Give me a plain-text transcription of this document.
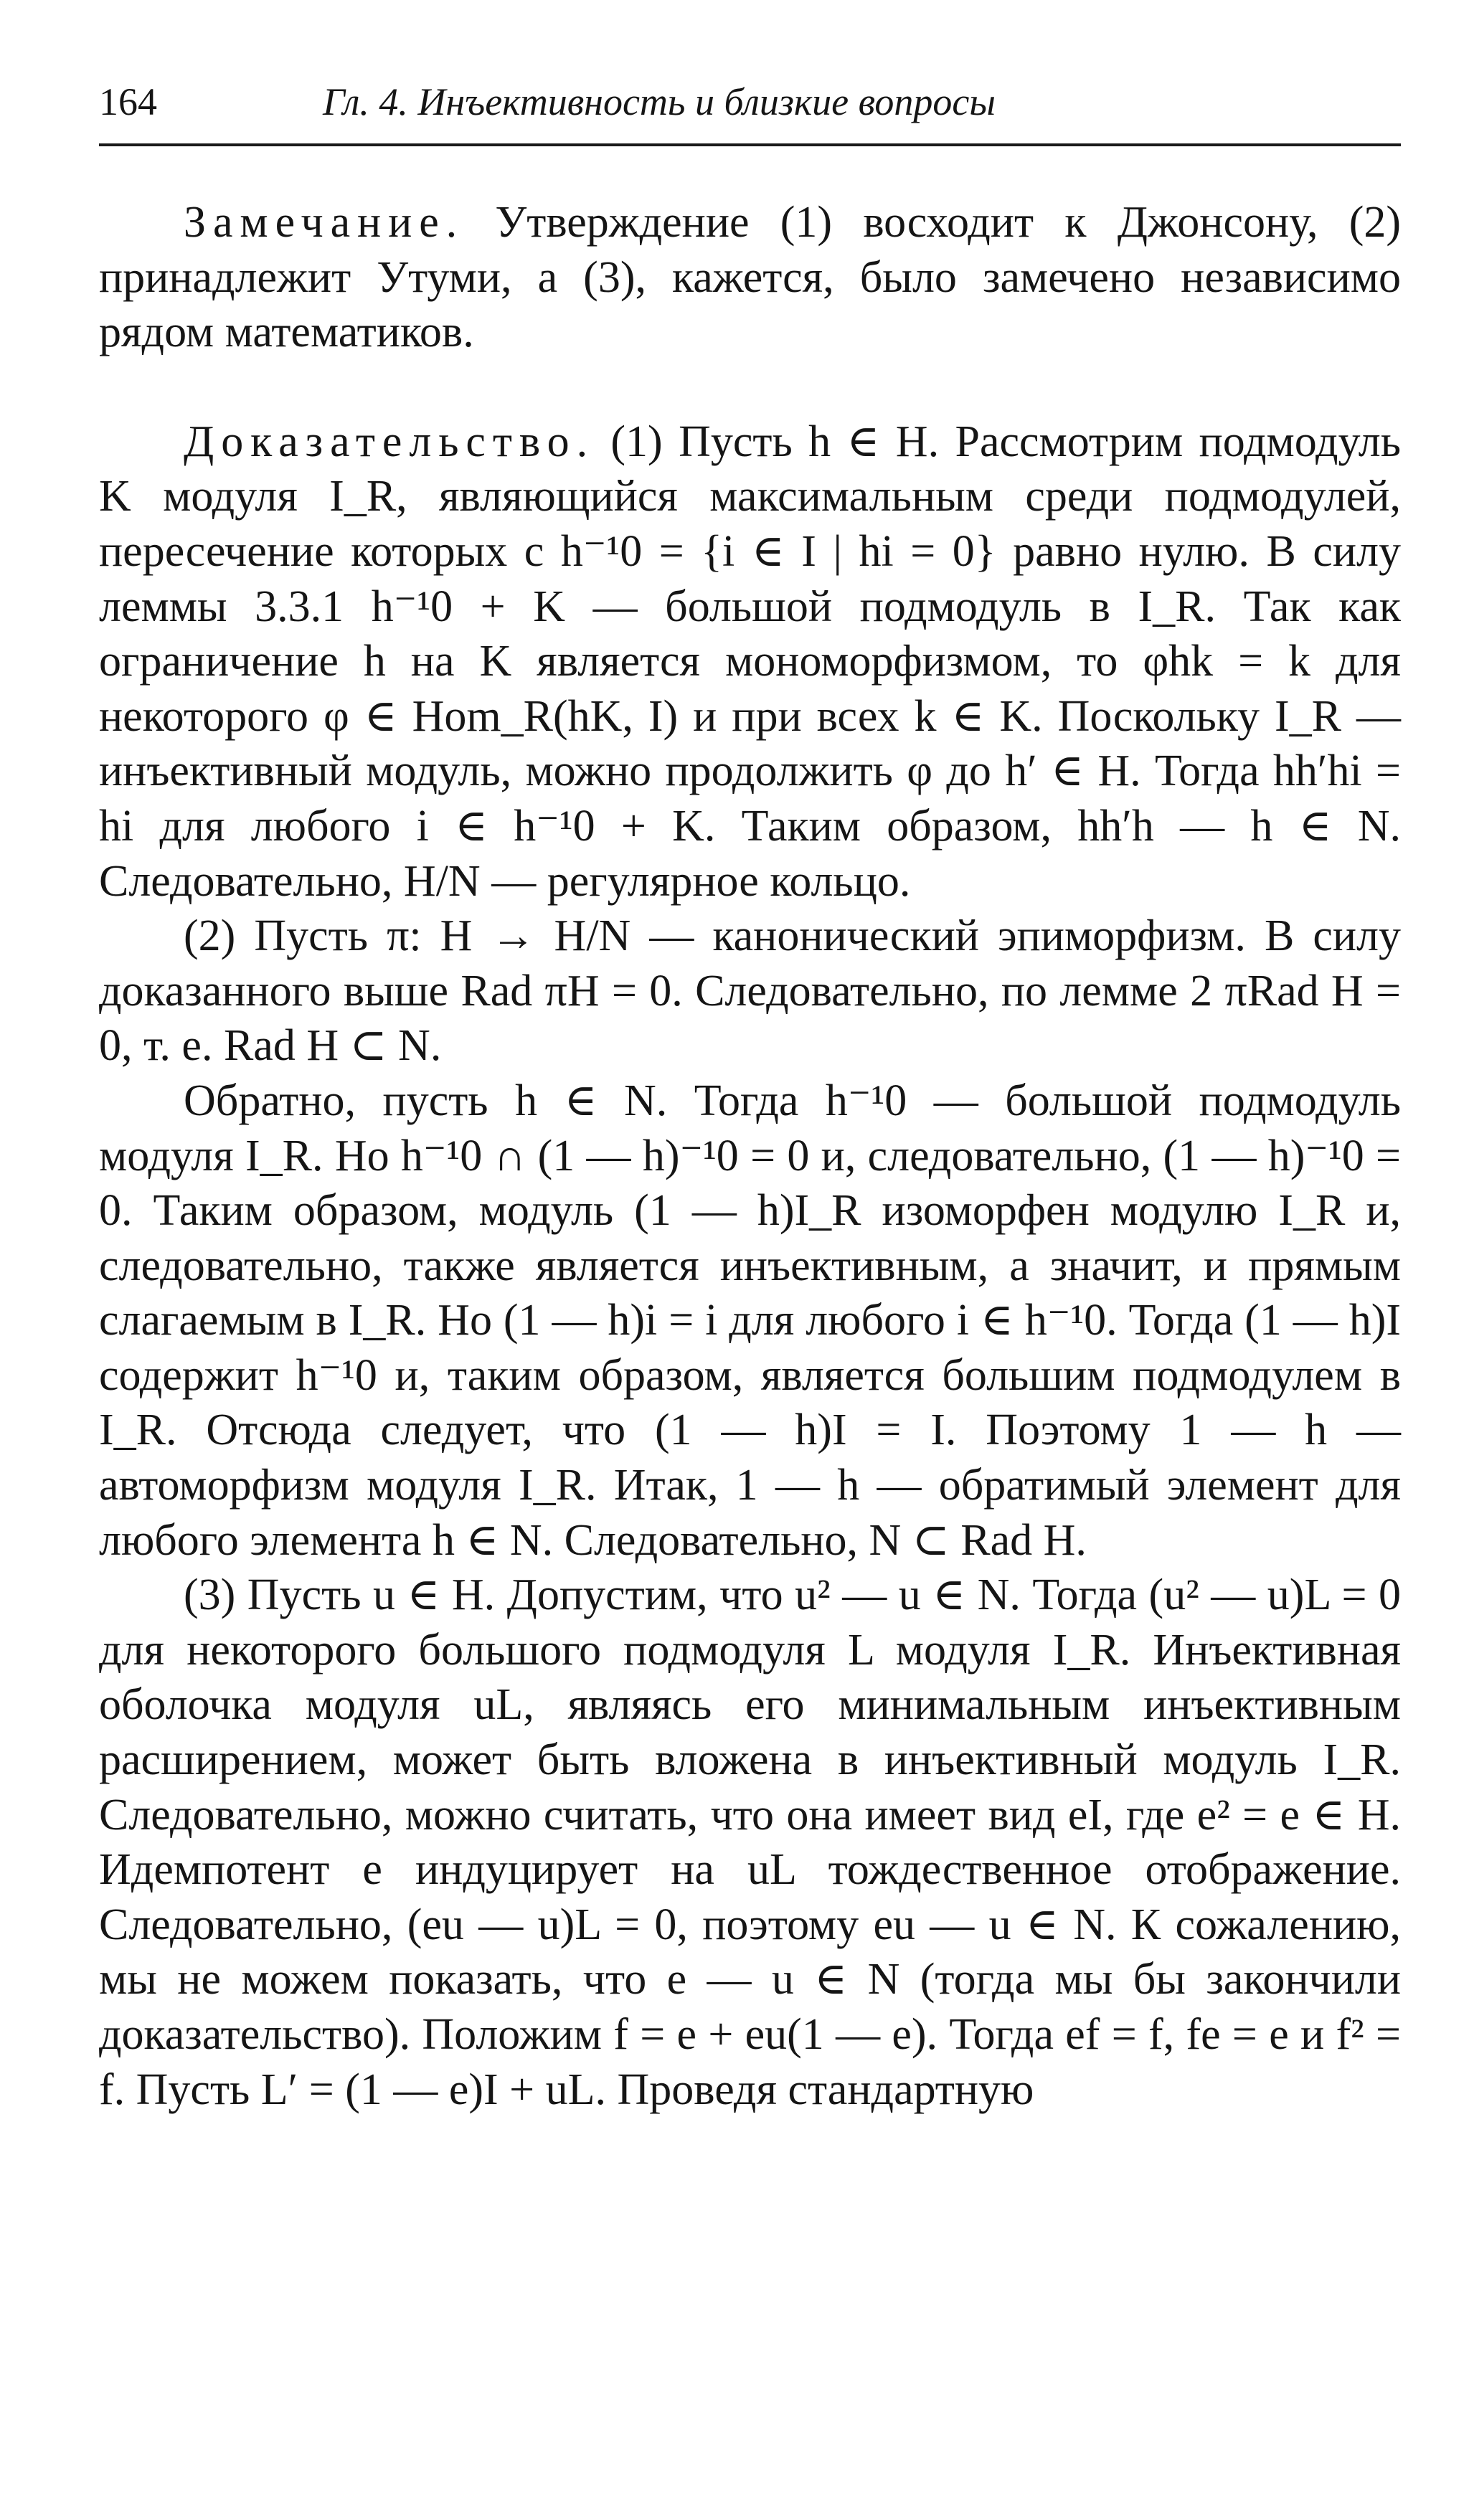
164	Гл. 4. Инъективность и близкие вопросы

Замечание. Утверждение (1) восходит к Джонсону, (2) принадлежит Утуми, а (3), кажется, было замечено независимо рядом математиков.

Доказательство. (1) Пусть h ∈ H. Рассмотрим подмодуль K модуля I_R, являющийся максимальным среди подмодулей, пересечение которых с h⁻¹0 = {i ∈ I | hi = 0} равно нулю. В силу леммы 3.3.1 h⁻¹0 + K — большой подмодуль в I_R. Так как ограничение h на K является мономорфизмом, то φhk = k для некоторого φ ∈ Hom_R(hK, I) и при всех k ∈ K. Поскольку I_R — инъективный модуль, можно продолжить φ до h′ ∈ H. Тогда hh′hi = hi для любого i ∈ h⁻¹0 + K. Таким образом, hh′h — h ∈ N. Следовательно, H/N — регулярное кольцо.

(2) Пусть π: H → H/N — канонический эпиморфизм. В силу доказанного выше Rad πH = 0. Следовательно, по лемме 2 πRad H = 0, т. е. Rad H ⊂ N.

Обратно, пусть h ∈ N. Тогда h⁻¹0 — большой подмодуль модуля I_R. Но h⁻¹0 ∩ (1 — h)⁻¹0 = 0 и, следовательно, (1 — h)⁻¹0 = 0. Таким образом, модуль (1 — h)I_R изоморфен модулю I_R и, следовательно, также является инъективным, а значит, и прямым слагаемым в I_R. Но (1 — h)i = i для любого i ∈ h⁻¹0. Тогда (1 — h)I содержит h⁻¹0 и, таким образом, является большим подмодулем в I_R. Отсюда следует, что (1 — h)I = I. Поэтому 1 — h — автоморфизм модуля I_R. Итак, 1 — h — обратимый элемент для любого элемента h ∈ N. Следовательно, N ⊂ Rad H.

(3) Пусть u ∈ H. Допустим, что u² — u ∈ N. Тогда (u² — u)L = 0 для некоторого большого подмодуля L модуля I_R. Инъективная оболочка модуля uL, являясь его минимальным инъективным расширением, может быть вложена в инъективный модуль I_R. Следовательно, можно считать, что она имеет вид eI, где e² = e ∈ H. Идемпотент e индуцирует на uL тождественное отображение. Следовательно, (eu — u)L = 0, поэтому eu — u ∈ N. К сожалению, мы не можем показать, что e — u ∈ N (тогда мы бы закончили доказательство). Положим f = e + eu(1 — e). Тогда ef = f, fe = e и f² = f. Пусть L′ = (1 — e)I + uL. Проведя стандартную
